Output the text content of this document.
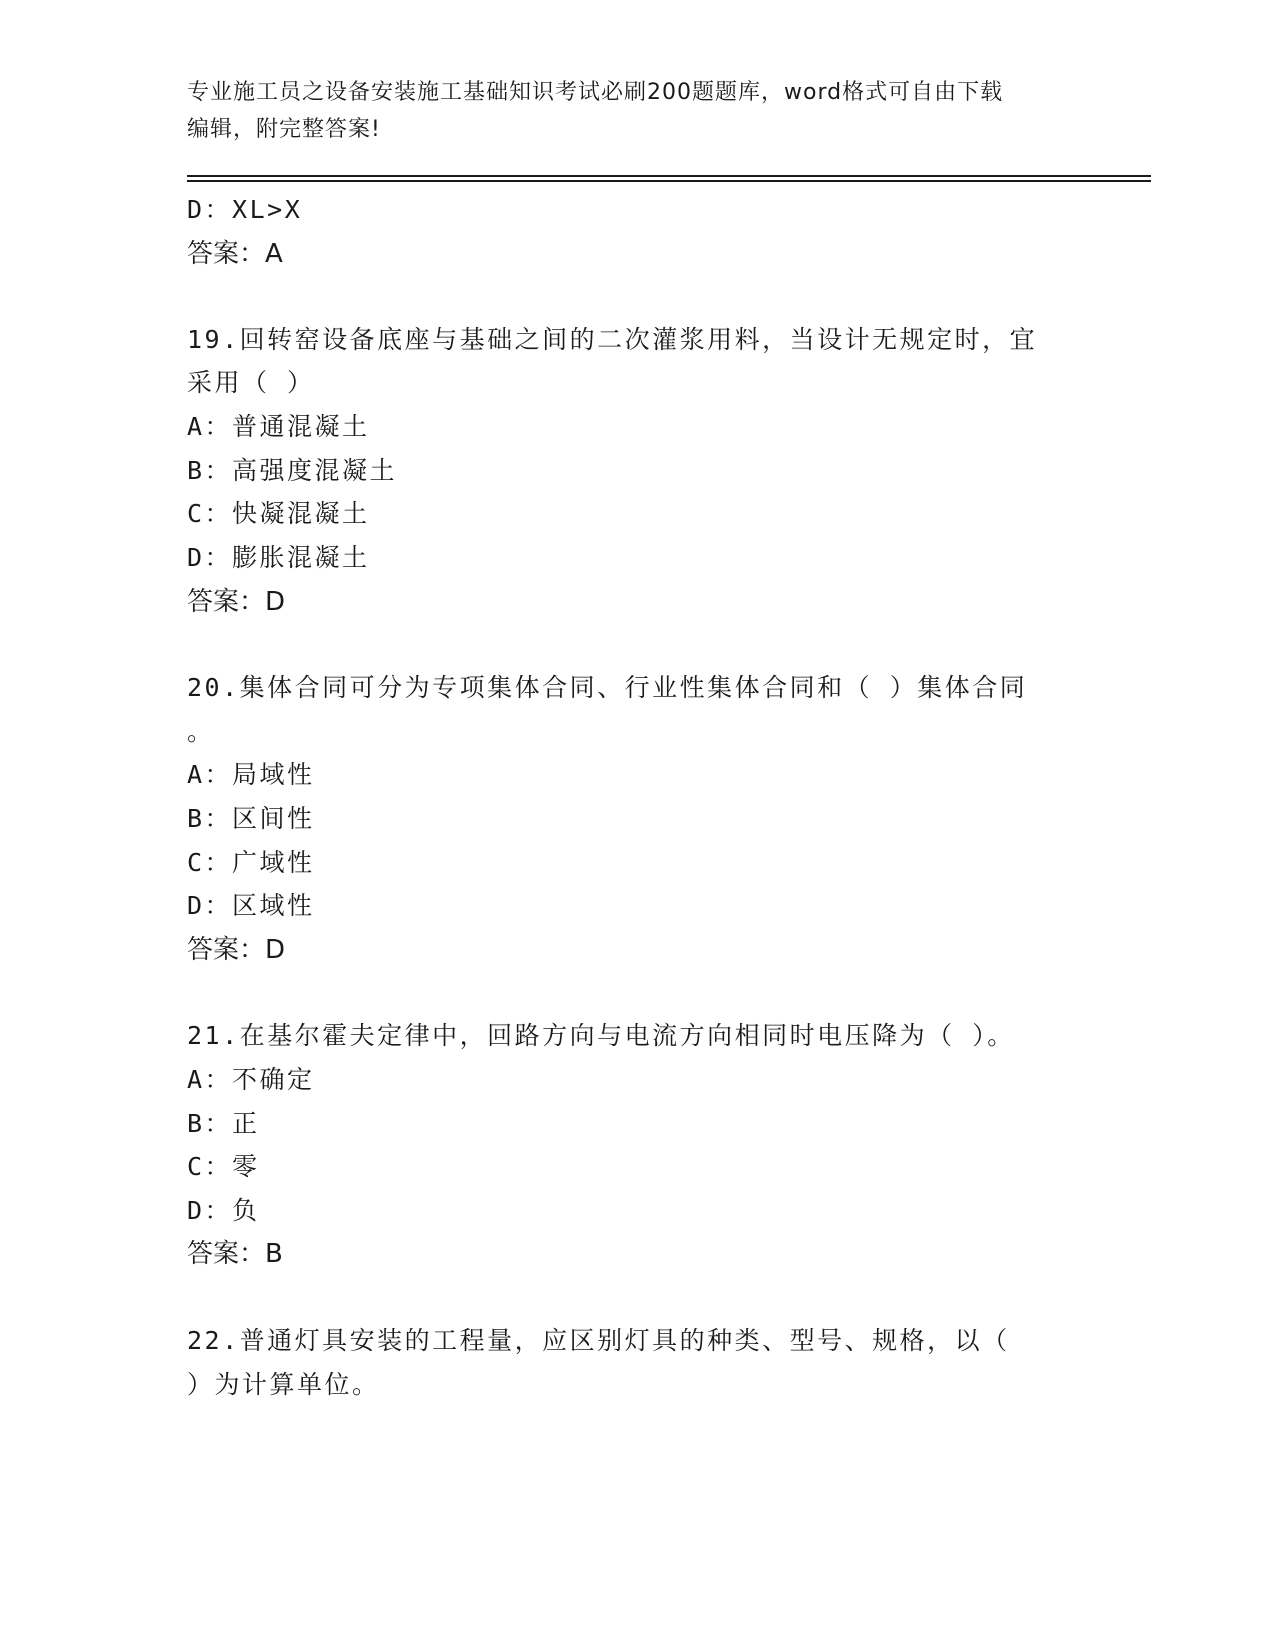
专业施工员之设备安装施工基础知识考试必刷200题题库，word格式可自由下载
编辑，附完整答案!
D：XL>X
答案：A
19.回转窑设备底座与基础之间的二次灌浆用料，当设计无规定时，宜
采用（ ）
A：普通混凝土
B：高强度混凝土
C：快凝混凝土
D：膨胀混凝土
答案：D
20.集体合同可分为专项集体合同、行业性集体合同和（ ）集体合同
。
A：局域性
B：区间性
C：广域性
D：区域性
答案：D
21.在基尔霍夫定律中，回路方向与电流方向相同时电压降为（ ）。
A：不确定
B：正
C：零
D：负
答案：B
22.普通灯具安装的工程量，应区别灯具的种类、型号、规格，以（
）为计算单位。
